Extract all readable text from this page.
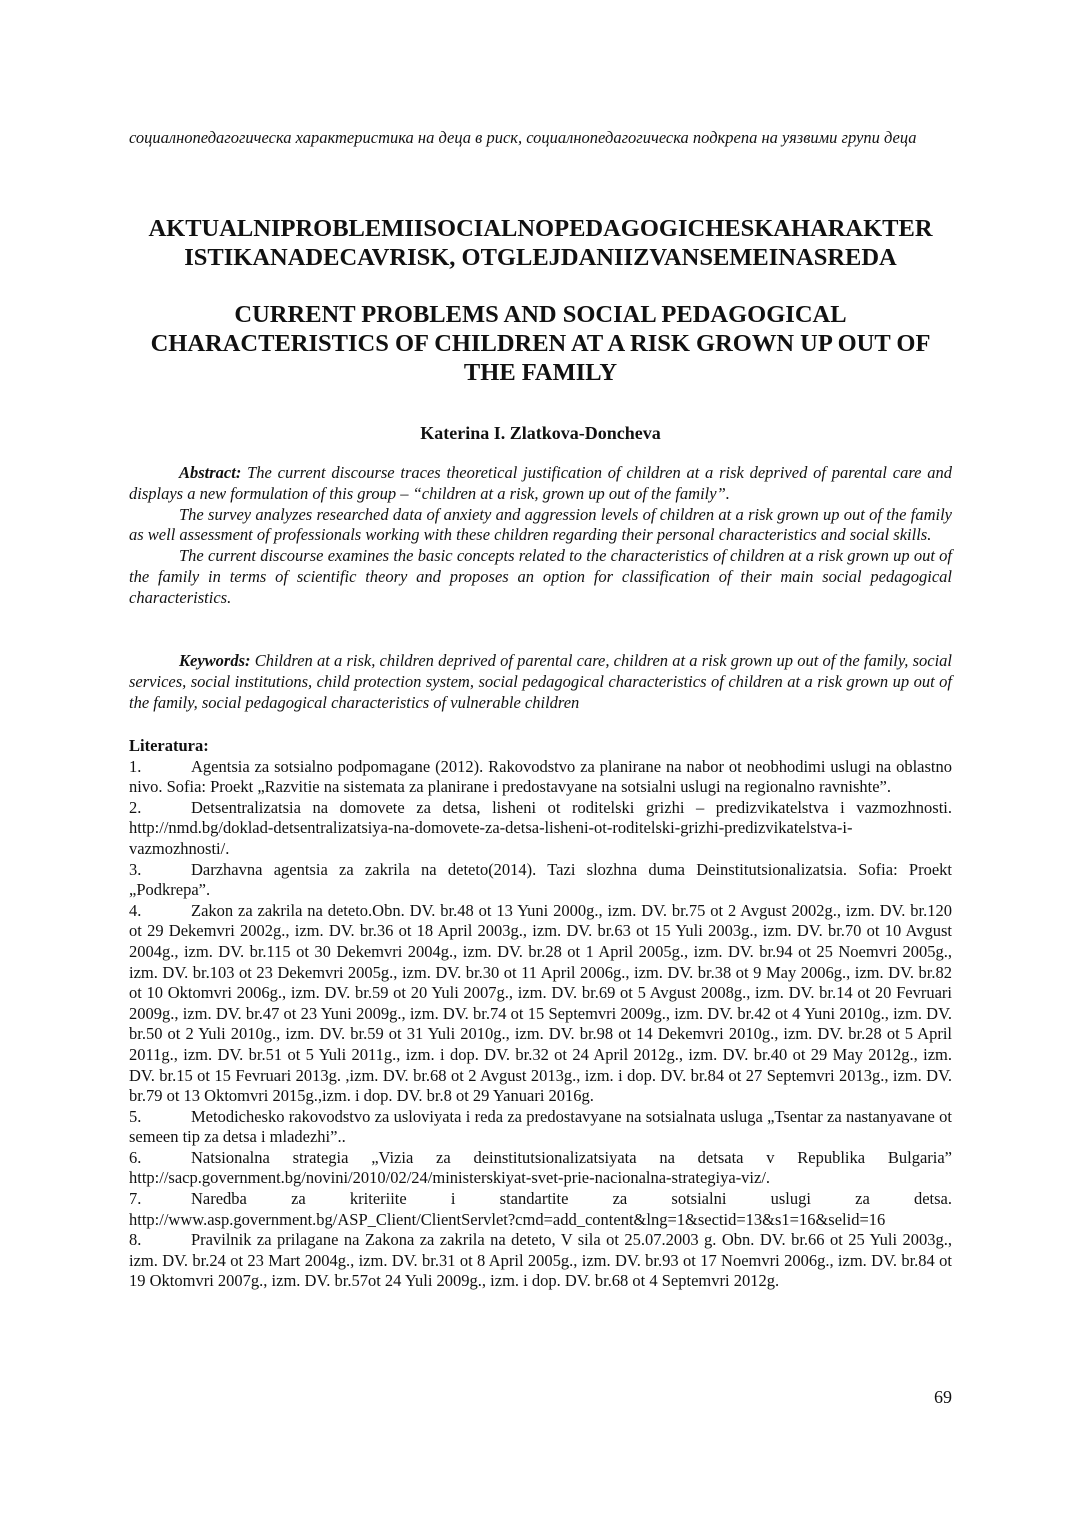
социалнопедагогическа характеристика на деца в риск, социалнопедагогическа подкрепа на уязвими групи деца

AKTUALNIPROBLEMIISOCIALNOPEDAGOGICHESKAHARAKTER
ISTIKANADECAVRISK, OTGLEJDANIIZVANSEMEINASREDA
CURRENT PROBLEMS AND SOCIAL PEDAGOGICAL
CHARACTERISTICS OF CHILDREN AT A RISK GROWN UP OUT OF
THE FAMILY

Katerina I. Zlatkova-Doncheva

Abstract: The current discourse traces theoretical justification of children at a risk deprived of parental care and displays a new formulation of this group – “children at a risk, grown up out of the family”.

The survey analyzes researched data of anxiety and aggression levels of children at a risk grown up out of the family as well assessment of professionals working with these children regarding their personal characteristics and social skills.

The current discourse examines the basic concepts related to the characteristics of children at a risk grown up out of the family in terms of scientific theory and proposes an option for classification of their main social pedagogical characteristics.

Keywords: Children at a risk, children deprived of parental care, children at a risk grown up out of the family, social services, social institutions, child protection system, social pedagogical characteristics of children at a risk grown up out of the family, social pedagogical characteristics of vulnerable children

Literatura:

1.	Agentsia za sotsialno podpomagane (2012). Rakovodstvo za planirane na nabor ot neobhodimi uslugi na oblastno nivo. Sofia: Proekt „Razvitie na sistemata za planirane i predostavyane na sotsialni uslugi na regionalno ravnishte”.

2.	Detsentralizatsia na domovete za detsa, lisheni ot roditelski grizhi – predizvikatelstva i vazmozhnosti. http://nmd.bg/doklad-detsentralizatsiya-na-domovete-za-detsa-lisheni-ot-roditelski-grizhi-predizvikatelstva-i-vazmozhnosti/.

3.	Darzhavna agentsia za zakrila na deteto(2014). Tazi slozhna duma Deinstitutsionalizatsia. Sofia: Proekt „Podkrepa”.

4.	Zakon za zakrila na deteto.Obn. DV. br.48 ot 13 Yuni 2000g., izm. DV. br.75 ot 2 Avgust 2002g., izm. DV. br.120 ot 29 Dekemvri 2002g., izm. DV. br.36 ot 18 April 2003g., izm. DV. br.63 ot 15 Yuli 2003g., izm. DV. br.70 ot 10 Avgust 2004g., izm. DV. br.115 ot 30 Dekemvri 2004g., izm. DV. br.28 ot 1 April 2005g., izm. DV. br.94 ot 25 Noemvri 2005g., izm. DV. br.103 ot 23 Dekemvri 2005g., izm. DV. br.30 ot 11 April 2006g., izm. DV. br.38 ot 9 May 2006g., izm. DV. br.82 ot 10 Oktomvri 2006g., izm. DV. br.59 ot 20 Yuli 2007g., izm. DV. br.69 ot 5 Avgust 2008g., izm. DV. br.14 ot 20 Fevruari 2009g., izm. DV. br.47 ot 23 Yuni 2009g., izm. DV. br.74 ot 15 Septemvri 2009g., izm. DV. br.42 ot 4 Yuni 2010g., izm. DV. br.50 ot 2 Yuli 2010g., izm. DV. br.59 ot 31 Yuli 2010g., izm. DV. br.98 ot 14 Dekemvri 2010g., izm. DV. br.28 ot 5 April 2011g., izm. DV. br.51 ot 5 Yuli 2011g., izm. i dop. DV. br.32 ot 24 April 2012g., izm. DV. br.40 ot 29 May 2012g., izm. DV. br.15 ot 15 Fevruari 2013g. ,izm. DV. br.68 ot 2 Avgust 2013g., izm. i dop. DV. br.84 ot 27 Septemvri 2013g., izm. DV. br.79 ot 13 Oktomvri 2015g.,izm. i dop. DV. br.8 ot 29 Yanuari 2016g.

5.	Metodichesko rakovodstvo za usloviyata i reda za predostavyane na sotsialnata usluga „Tsentar za nastanyavane ot semeen tip za detsa i mladezhi”..

6.	Natsionalna strategia „Vizia za deinstitutsionalizatsiyata na detsata v Republika Bulgaria” http://sacp.government.bg/novini/2010/02/24/ministerskiyat-svet-prie-nacionalna-strategiya-viz/.

7.	Naredba za kriteriite i standartite za sotsialni uslugi za detsa. http://www.asp.government.bg/ASP_Client/ClientServlet?cmd=add_content&lng=1&sectid=13&s1=16&selid=16

8.	Pravilnik za prilagane na Zakona za zakrila na deteto, V sila ot 25.07.2003 g. Obn. DV. br.66 ot 25 Yuli 2003g., izm. DV. br.24 ot 23 Mart 2004g., izm. DV. br.31 ot 8 April 2005g., izm. DV. br.93 ot 17 Noemvri 2006g., izm. DV. br.84 ot 19 Oktomvri 2007g., izm. DV. br.57ot 24 Yuli 2009g., izm. i dop. DV. br.68 ot 4 Septemvri 2012g.

69
